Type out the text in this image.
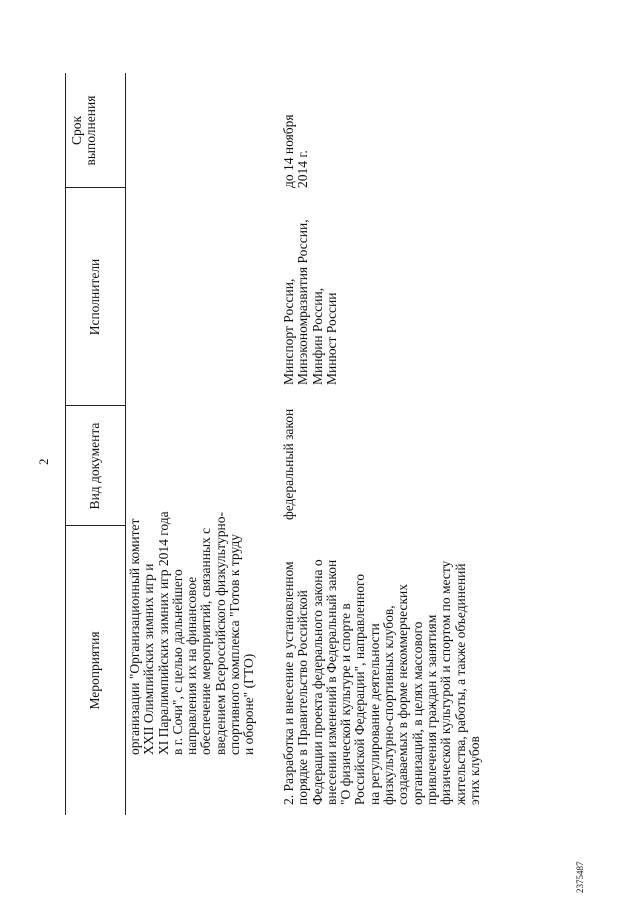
2
Мероприятия
Вид документа
Исполнители
Срок
выполнения
организации "Организационный комитет
XXII Олимпийских зимних игр и
XI Паралимпийских зимних игр 2014 года
в г. Сочи", с целью дальнейшего
направления их на финансовое
обеспечение мероприятий, связанных с
введением Всероссийского физкультурно-
спортивного комплекса "Готов к труду
и обороне" (ГТО)
2. Разработка и внесение в установленном
порядке в Правительство Российской
Федерации проекта федерального закона о
внесении изменений в Федеральный закон
"О физической культуре и спорте в
Российской Федерации", направленного
на регулирование деятельности
физкультурно-спортивных клубов,
создаваемых в форме некоммерческих
организаций, в целях массового
привлечения граждан к занятиям
физической культурой и спортом по месту
жительства, работы, а также объединений
этих клубов
федеральный закон
Минспорт России,
Минэкономразвития России,
Минфин России,
Минюст России
до 14 ноября
2014 г.
2375487
